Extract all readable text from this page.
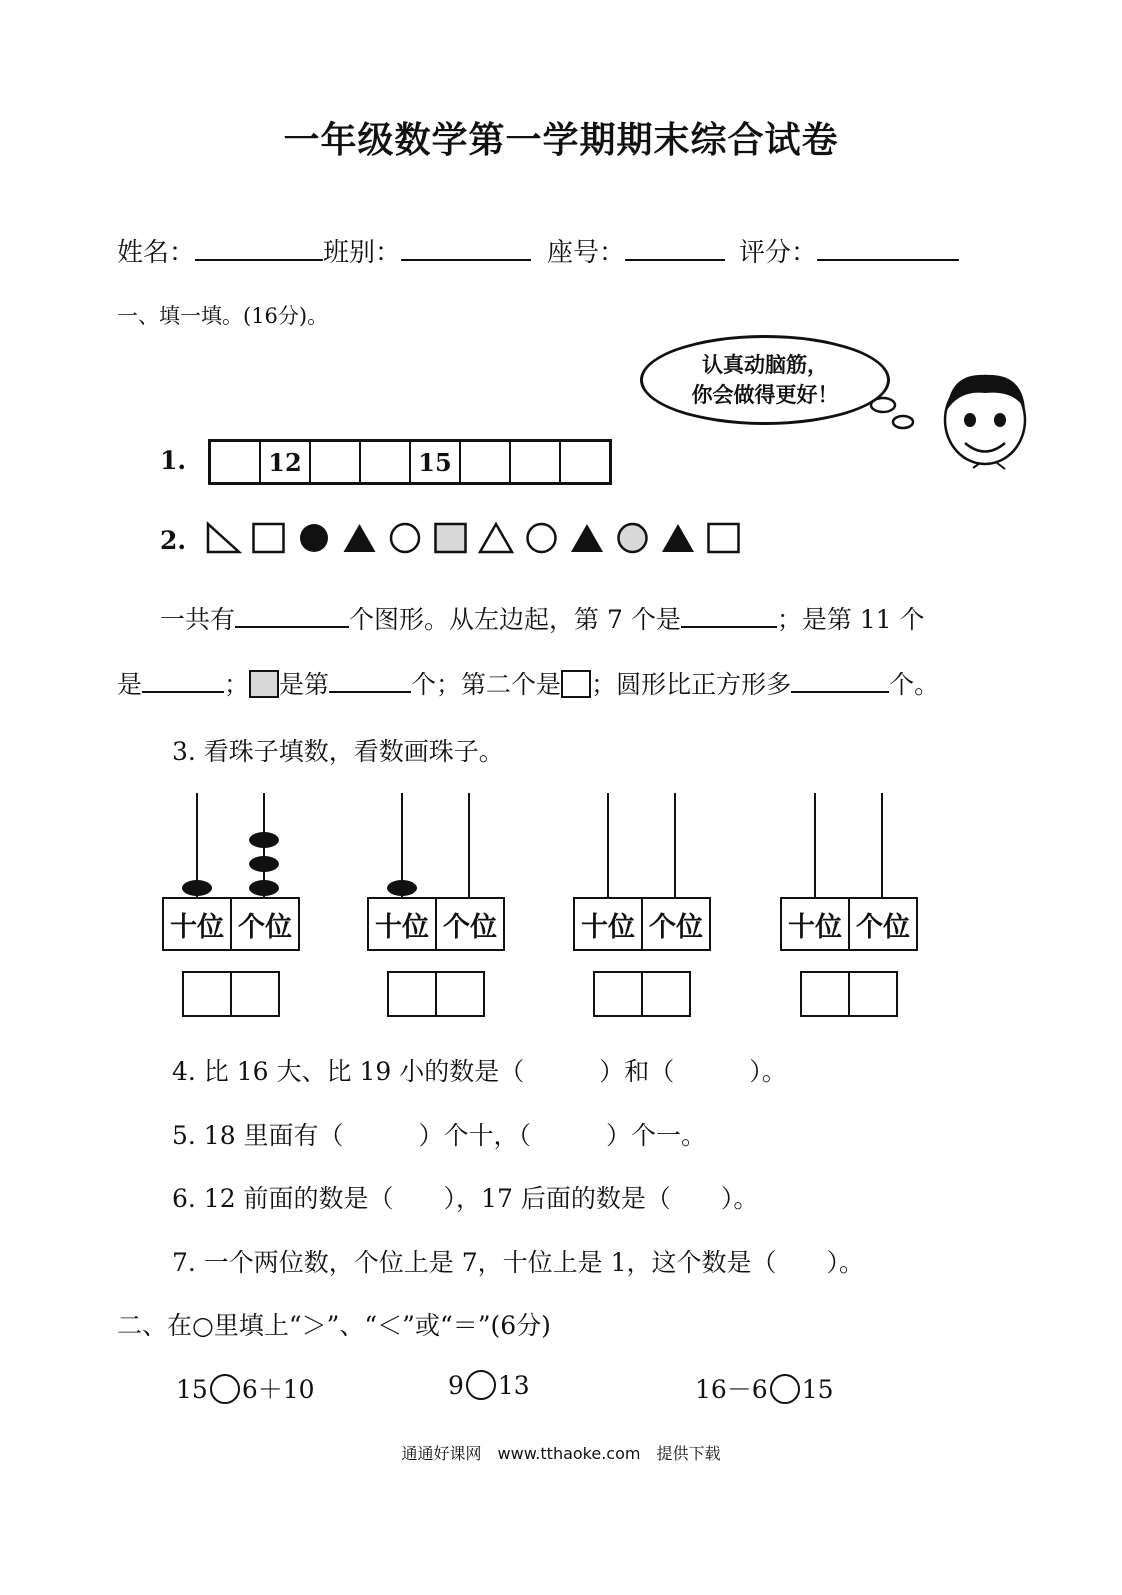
一年级数学第一学期期末综合试卷
姓名：	班别：	座号：	评分：
一、填一填。(16分)。
认真动脑筋，
你会做得更好！
1.	12	15
2.
一共有	个图形。从左边起，第 7 个是	；是第 11 个
是	； 是第	个；第二个是 ；圆形比正方形多	个。
3. 看珠子填数，看数画珠子。
十位 个位	十位 个位	十位 个位	十位 个位
4. 比 16 大、比 19 小的数是（　　　）和（　　　）。
5. 18 里面有（　　　）个十，（　　　）个一。
6. 12 前面的数是（　　），17 后面的数是（　　）。
7. 一个两位数，个位上是 7，十位上是 1，这个数是（　　）。
二、在○里填上“＞”、“＜”或“＝”(6分)
15 6＋10	9 13	16－6 15
通通好课网　www.tthaoke.com　提供下载
